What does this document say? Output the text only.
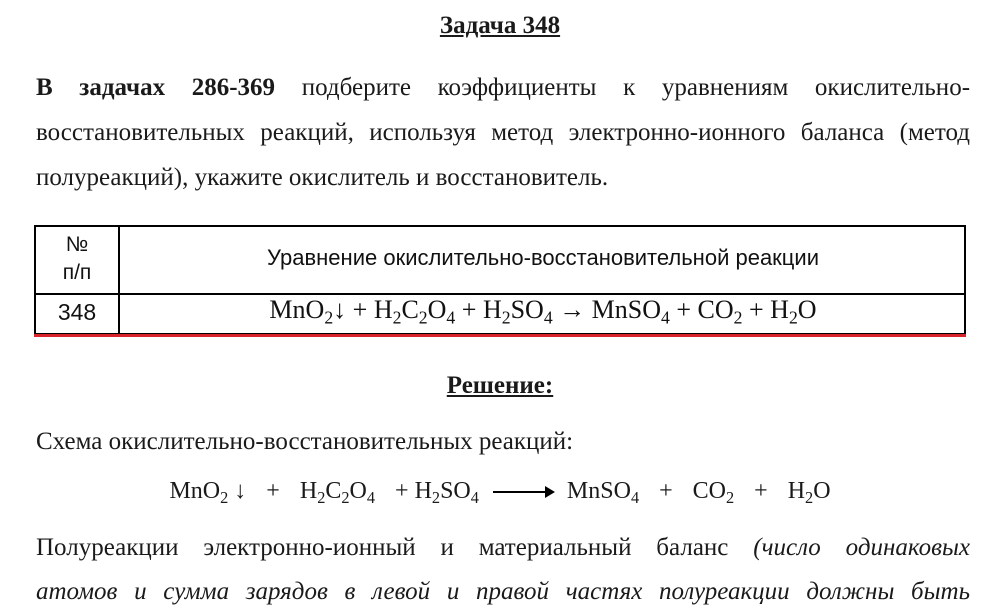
Задача 348
В задачах 286-369 подберите коэффициенты к уравнениям окислительно-
восстановительных реакций, используя метод электронно-ионного баланса (метод
полуреакций), укажите окислитель и восстановитель.
№
п/п
Уравнение окислительно-восстановительной реакции
348	MnO$_2$↓ + $H_2C_2O_4 + H_2SO_4$ → MnSO$_4$ + $CO_2 + H_2O$
Решение:
Схема окислительно-восстановительных реакций:
MnO$_2$ ↓ + $H_2C_2O_4 + H_2SO_4$	MnSO$_4$ + $CO_2 + H_2O$
Полуреакции электронно-ионный и материальный баланс (число одинаковых
атомов и сумма зарядов в левой и правой частях полуреакции должны быть
